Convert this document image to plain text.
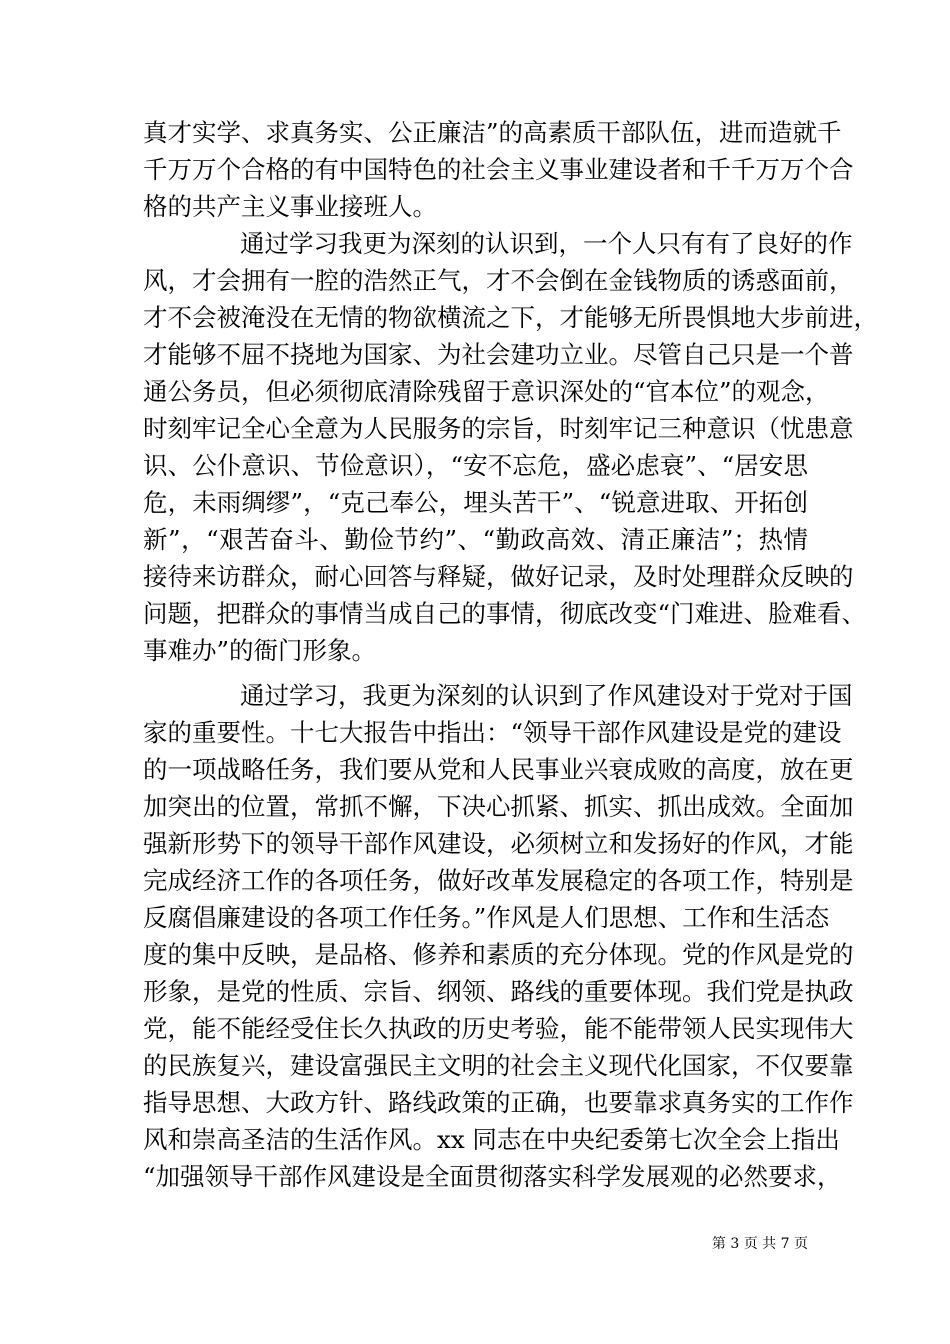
真才实学、求真务实、公正廉洁”的高素质干部队伍，进而造就千
千万万个合格的有中国特色的社会主义事业建设者和千千万万个合
格的共产主义事业接班人。
通过学习我更为深刻的认识到，一个人只有有了良好的作
风，才会拥有一腔的浩然正气，才不会倒在金钱物质的诱惑面前，
才不会被淹没在无情的物欲横流之下，才能够无所畏惧地大步前进，
才能够不屈不挠地为国家、为社会建功立业。尽管自己只是一个普
通公务员，但必须彻底清除残留于意识深处的“官本位”的观念，
时刻牢记全心全意为人民服务的宗旨，时刻牢记三种意识（忧患意
识、公仆意识、节俭意识），“安不忘危，盛必虑衰”、“居安思
危，未雨绸缪”，“克己奉公，埋头苦干”、“锐意进取、开拓创
新”，“艰苦奋斗、勤俭节约”、“勤政高效、清正廉洁”；热情
接待来访群众，耐心回答与释疑，做好记录，及时处理群众反映的
问题，把群众的事情当成自己的事情，彻底改变“门难进、脸难看、
事难办”的衙门形象。
通过学习，我更为深刻的认识到了作风建设对于党对于国
家的重要性。十七大报告中指出：“领导干部作风建设是党的建设
的一项战略任务，我们要从党和人民事业兴衰成败的高度，放在更
加突出的位置，常抓不懈，下决心抓紧、抓实、抓出成效。全面加
强新形势下的领导干部作风建设，必须树立和发扬好的作风，才能
完成经济工作的各项任务，做好改革发展稳定的各项工作，特别是
反腐倡廉建设的各项工作任务。”作风是人们思想、工作和生活态
度的集中反映，是品格、修养和素质的充分体现。党的作风是党的
形象，是党的性质、宗旨、纲领、路线的重要体现。我们党是执政
党，能不能经受住长久执政的历史考验，能不能带领人民实现伟大
的民族复兴，建设富强民主文明的社会主义现代化国家，不仅要靠
指导思想、大政方针、路线政策的正确，也要靠求真务实的工作作
风和崇高圣洁的生活作风。xx 同志在中央纪委第七次全会上指出
“加强领导干部作风建设是全面贯彻落实科学发展观的必然要求，
第 3 页 共 7 页
